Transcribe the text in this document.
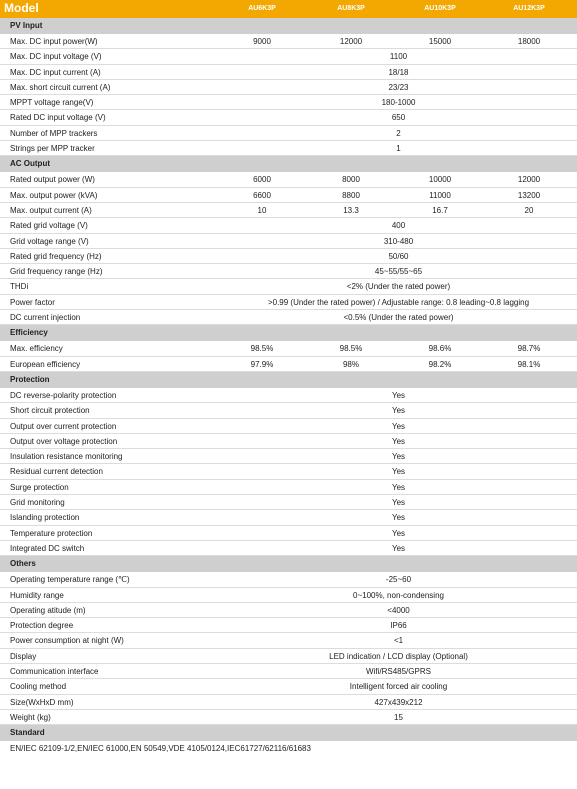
Model	AU6K3P	AU8K3P	AU10K3P	AU12K3P
PV Input
Max. DC input power(W)	9000	12000	15000	18000
Max. DC input voltage (V)	1100
Max. DC input current (A)	18/18
Max. short circuit current (A)	23/23
MPPT voltage range(V)	180-1000
Rated DC input voltage (V)	650
Number of MPP trackers	2
Strings per MPP tracker	1
AC Output
Rated output power (W)	6000	8000	10000	12000
Max. output power (kVA)	6600	8800	11000	13200
Max. output current (A)	10	13.3	16.7	20
Rated grid voltage (V)	400
Grid voltage range (V)	310-480
Rated grid frequency (Hz)	50/60
Grid frequency range (Hz)	45~55/55~65
THDi	<2% (Under the rated power)
Power factor	>0.99 (Under the rated power) / Adjustable range: 0.8 leading~0.8 lagging
DC current injection	<0.5% (Under the rated power)
Efficiency
Max. efficiency	98.5%	98.5%	98.6%	98.7%
European efficiency	97.9%	98%	98.2%	98.1%
Protection
DC reverse-polarity protection	Yes
Short circuit protection	Yes
Output over current protection	Yes
Output over voltage protection	Yes
Insulation resistance monitoring	Yes
Residual current detection	Yes
Surge protection	Yes
Grid monitoring	Yes
Islanding protection	Yes
Temperature protection	Yes
Integrated DC switch	Yes
Others
Operating temperature range (℃)	-25~60
Humidity range	0~100%, non-condensing
Operating atitude (m)	<4000
Protection degree	IP66
Power consumption at night (W)	<1
Display	LED indication / LCD display (Optional)
Communication interface	Wifi/RS485/GPRS
Cooling method	Intelligent forced air cooling
Size(WxHxD mm)	427x439x212
Weight (kg)	15
Standard
EN/IEC 62109-1/2,EN/IEC 61000,EN 50549,VDE 4105/0124,IEC61727/62116/61683
